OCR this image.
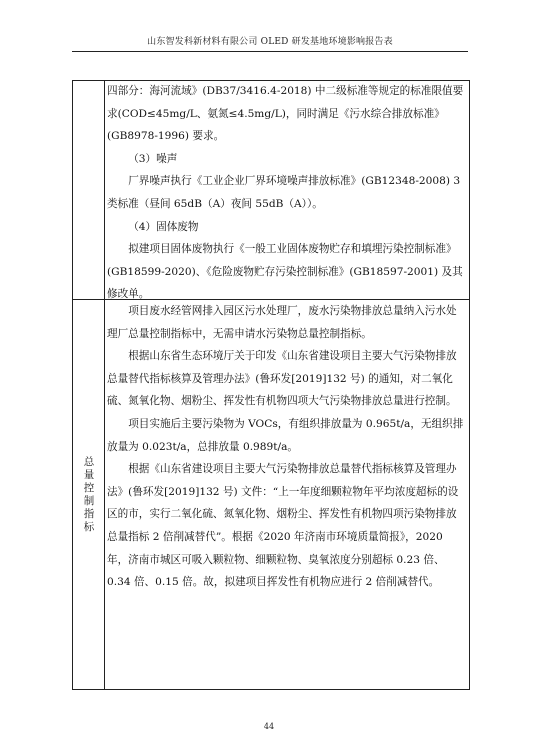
山东智发科新材料有限公司 OLED 研发基地环境影响报告表

四部分：海河流域》(DB37/3416.4-2018) 中二级标准等规定的标准限值要求(COD≤45mg/L、氨氮≤4.5mg/L)，同时满足《污水综合排放标准》(GB8978-1996) 要求。

（3）噪声

厂界噪声执行《工业企业厂界环境噪声排放标准》(GB12348-2008) 3 类标准（昼间 65dB（A）夜间 55dB（A））。

（4）固体废物

拟建项目固体废物执行《一般工业固体废物贮存和填埋污染控制标准》(GB18599-2020)、《危险废物贮存污染控制标准》(GB18597-2001) 及其修改单。

总
量
控
制
指
标

项目废水经管网排入园区污水处理厂，废水污染物排放总量纳入污水处理厂总量控制指标中，无需申请水污染物总量控制指标。

根据山东省生态环境厅关于印发《山东省建设项目主要大气污染物排放总量替代指标核算及管理办法》(鲁环发[2019]132 号) 的通知，对二氧化硫、氮氧化物、烟粉尘、挥发性有机物四项大气污染物排放总量进行控制。

项目实施后主要污染物为 VOCs，有组织排放量为 0.965t/a，无组织排放量为 0.023t/a，总排放量 0.989t/a。

根据《山东省建设项目主要大气污染物排放总量替代指标核算及管理办法》(鲁环发[2019]132 号) 文件：“上一年度细颗粒物年平均浓度超标的设区的市，实行二氧化硫、氮氧化物、烟粉尘、挥发性有机物四项污染物排放总量指标 2 倍削减替代”。根据《2020 年济南市环境质量简报》，2020 年，济南市城区可吸入颗粒物、细颗粒物、臭氧浓度分别超标 0.23 倍、0.34 倍、0.15 倍。故，拟建项目挥发性有机物应进行 2 倍削减替代。

44
